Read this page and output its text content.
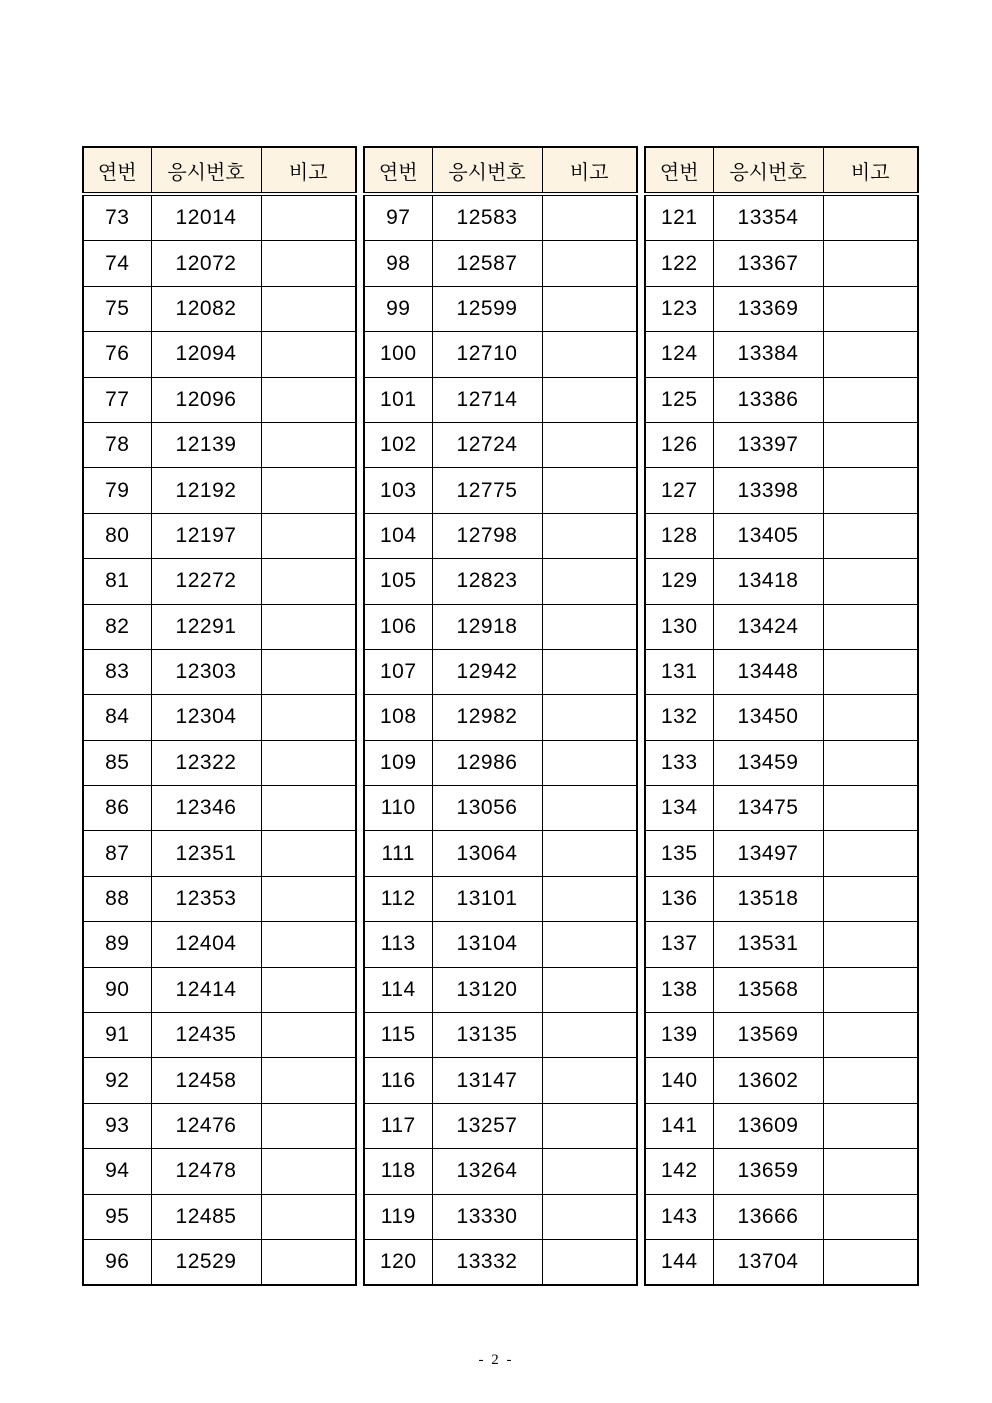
연번	응시번호	비고
73	12014	
74	12072	
75	12082	
76	12094	
77	12096	
78	12139	
79	12192	
80	12197	
81	12272	
82	12291	
83	12303	
84	12304	
85	12322	
86	12346	
87	12351	
88	12353	
89	12404	
90	12414	
91	12435	
92	12458	
93	12476	
94	12478	
95	12485	
96	12529	
연번	응시번호	비고
97	12583	
98	12587	
99	12599	
100	12710	
101	12714	
102	12724	
103	12775	
104	12798	
105	12823	
106	12918	
107	12942	
108	12982	
109	12986	
110	13056	
111	13064	
112	13101	
113	13104	
114	13120	
115	13135	
116	13147	
117	13257	
118	13264	
119	13330	
120	13332	
연번	응시번호	비고
121	13354	
122	13367	
123	13369	
124	13384	
125	13386	
126	13397	
127	13398	
128	13405	
129	13418	
130	13424	
131	13448	
132	13450	
133	13459	
134	13475	
135	13497	
136	13518	
137	13531	
138	13568	
139	13569	
140	13602	
141	13609	
142	13659	
143	13666	
144	13704	
- 2 -
